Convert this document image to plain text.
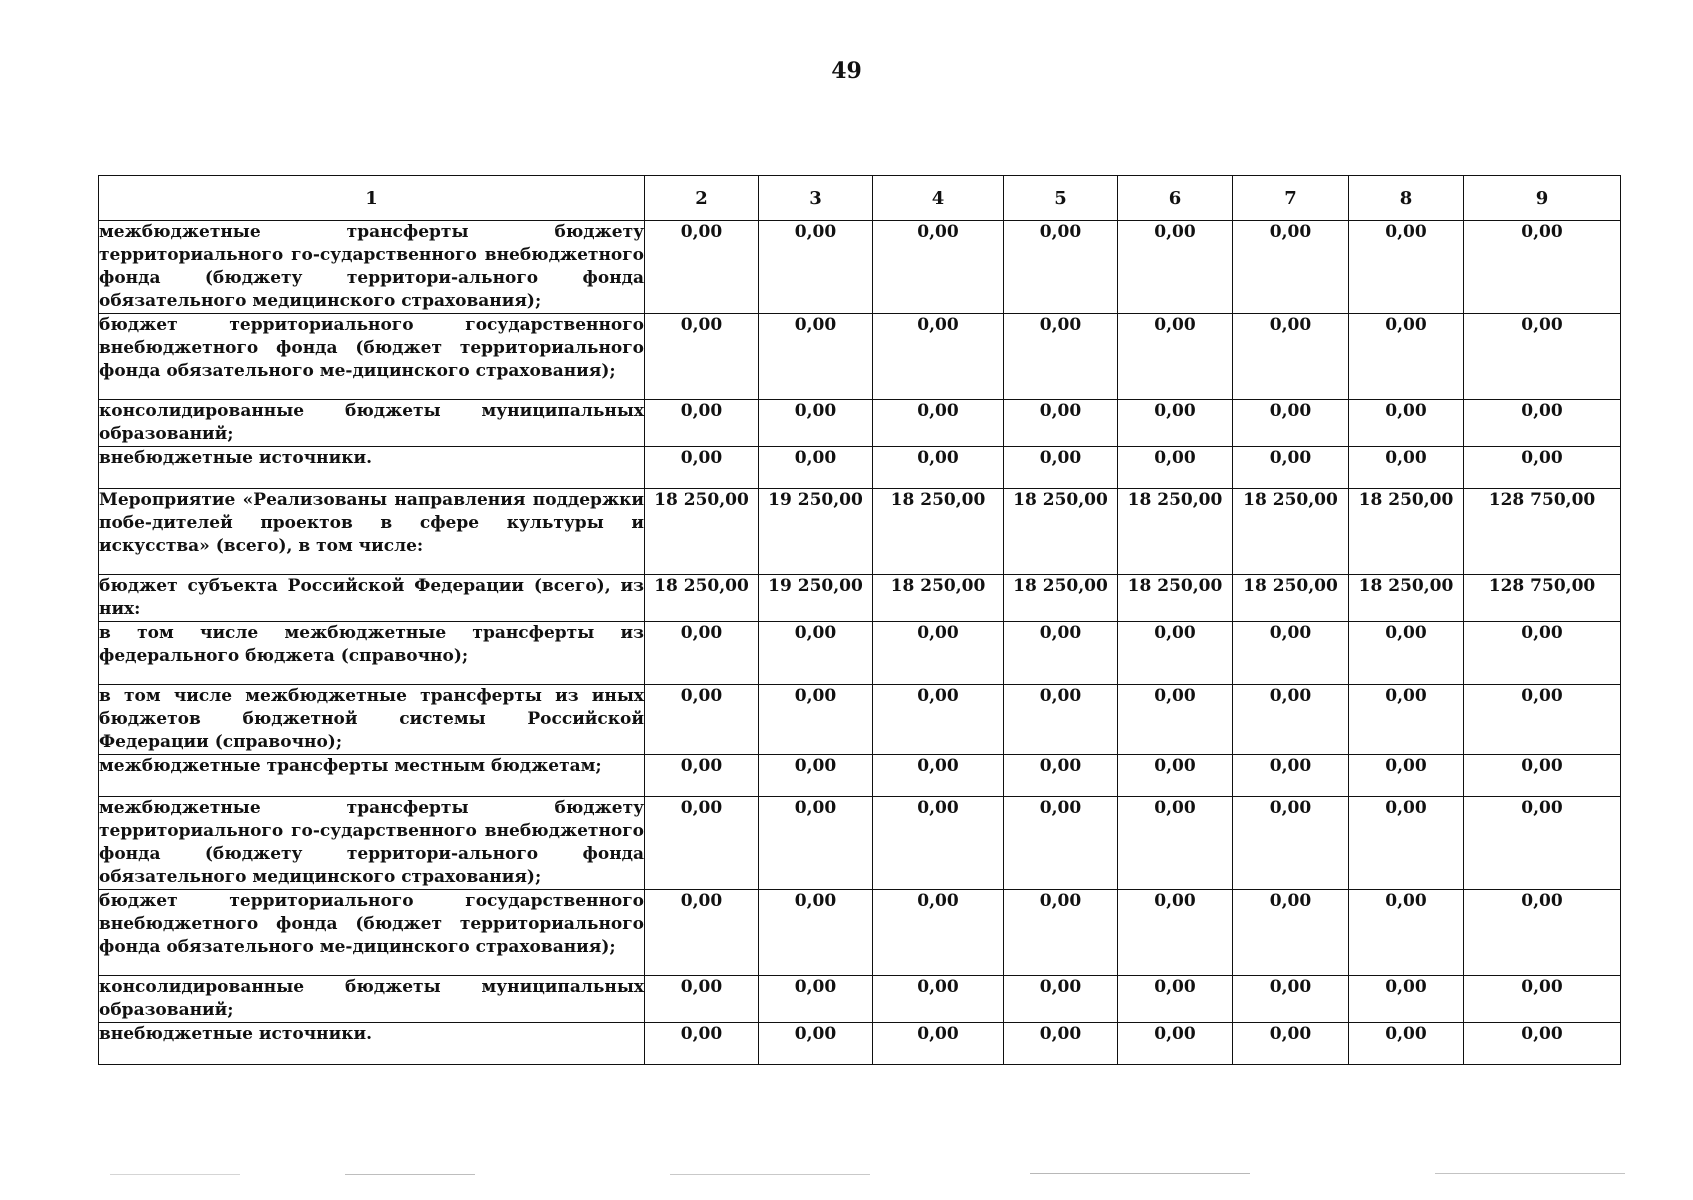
49
1	2	3	4	5	6	7	8	9
межбюджетные трансферты бюджету территориального го-сударственного внебюджетного фонда (бюджету территори-ального фонда обязательного медицинского страхования);	0,00	0,00	0,00	0,00	0,00	0,00	0,00	0,00
бюджет территориального государственного внебюджетного фонда (бюджет территориального фонда обязательного ме-дицинского страхования);	0,00	0,00	0,00	0,00	0,00	0,00	0,00	0,00
консолидированные бюджеты муниципальных образований;	0,00	0,00	0,00	0,00	0,00	0,00	0,00	0,00
внебюджетные источники.	0,00	0,00	0,00	0,00	0,00	0,00	0,00	0,00
Мероприятие «Реализованы направления поддержки побе-дителей проектов в сфере культуры и искусства» (всего), в том числе:	18 250,00	19 250,00	18 250,00	18 250,00	18 250,00	18 250,00	18 250,00	128 750,00
бюджет субъекта Российской Федерации (всего), из них:	18 250,00	19 250,00	18 250,00	18 250,00	18 250,00	18 250,00	18 250,00	128 750,00
в том числе межбюджетные трансферты из федерального бюджета (справочно);	0,00	0,00	0,00	0,00	0,00	0,00	0,00	0,00
в том числе межбюджетные трансферты из иных бюджетов бюджетной системы Российской Федерации (справочно);	0,00	0,00	0,00	0,00	0,00	0,00	0,00	0,00
межбюджетные трансферты местным бюджетам;	0,00	0,00	0,00	0,00	0,00	0,00	0,00	0,00
межбюджетные трансферты бюджету территориального го-сударственного внебюджетного фонда (бюджету территори-ального фонда обязательного медицинского страхования);	0,00	0,00	0,00	0,00	0,00	0,00	0,00	0,00
бюджет территориального государственного внебюджетного фонда (бюджет территориального фонда обязательного ме-дицинского страхования);	0,00	0,00	0,00	0,00	0,00	0,00	0,00	0,00
консолидированные бюджеты муниципальных образований;	0,00	0,00	0,00	0,00	0,00	0,00	0,00	0,00
внебюджетные источники.	0,00	0,00	0,00	0,00	0,00	0,00	0,00	0,00
